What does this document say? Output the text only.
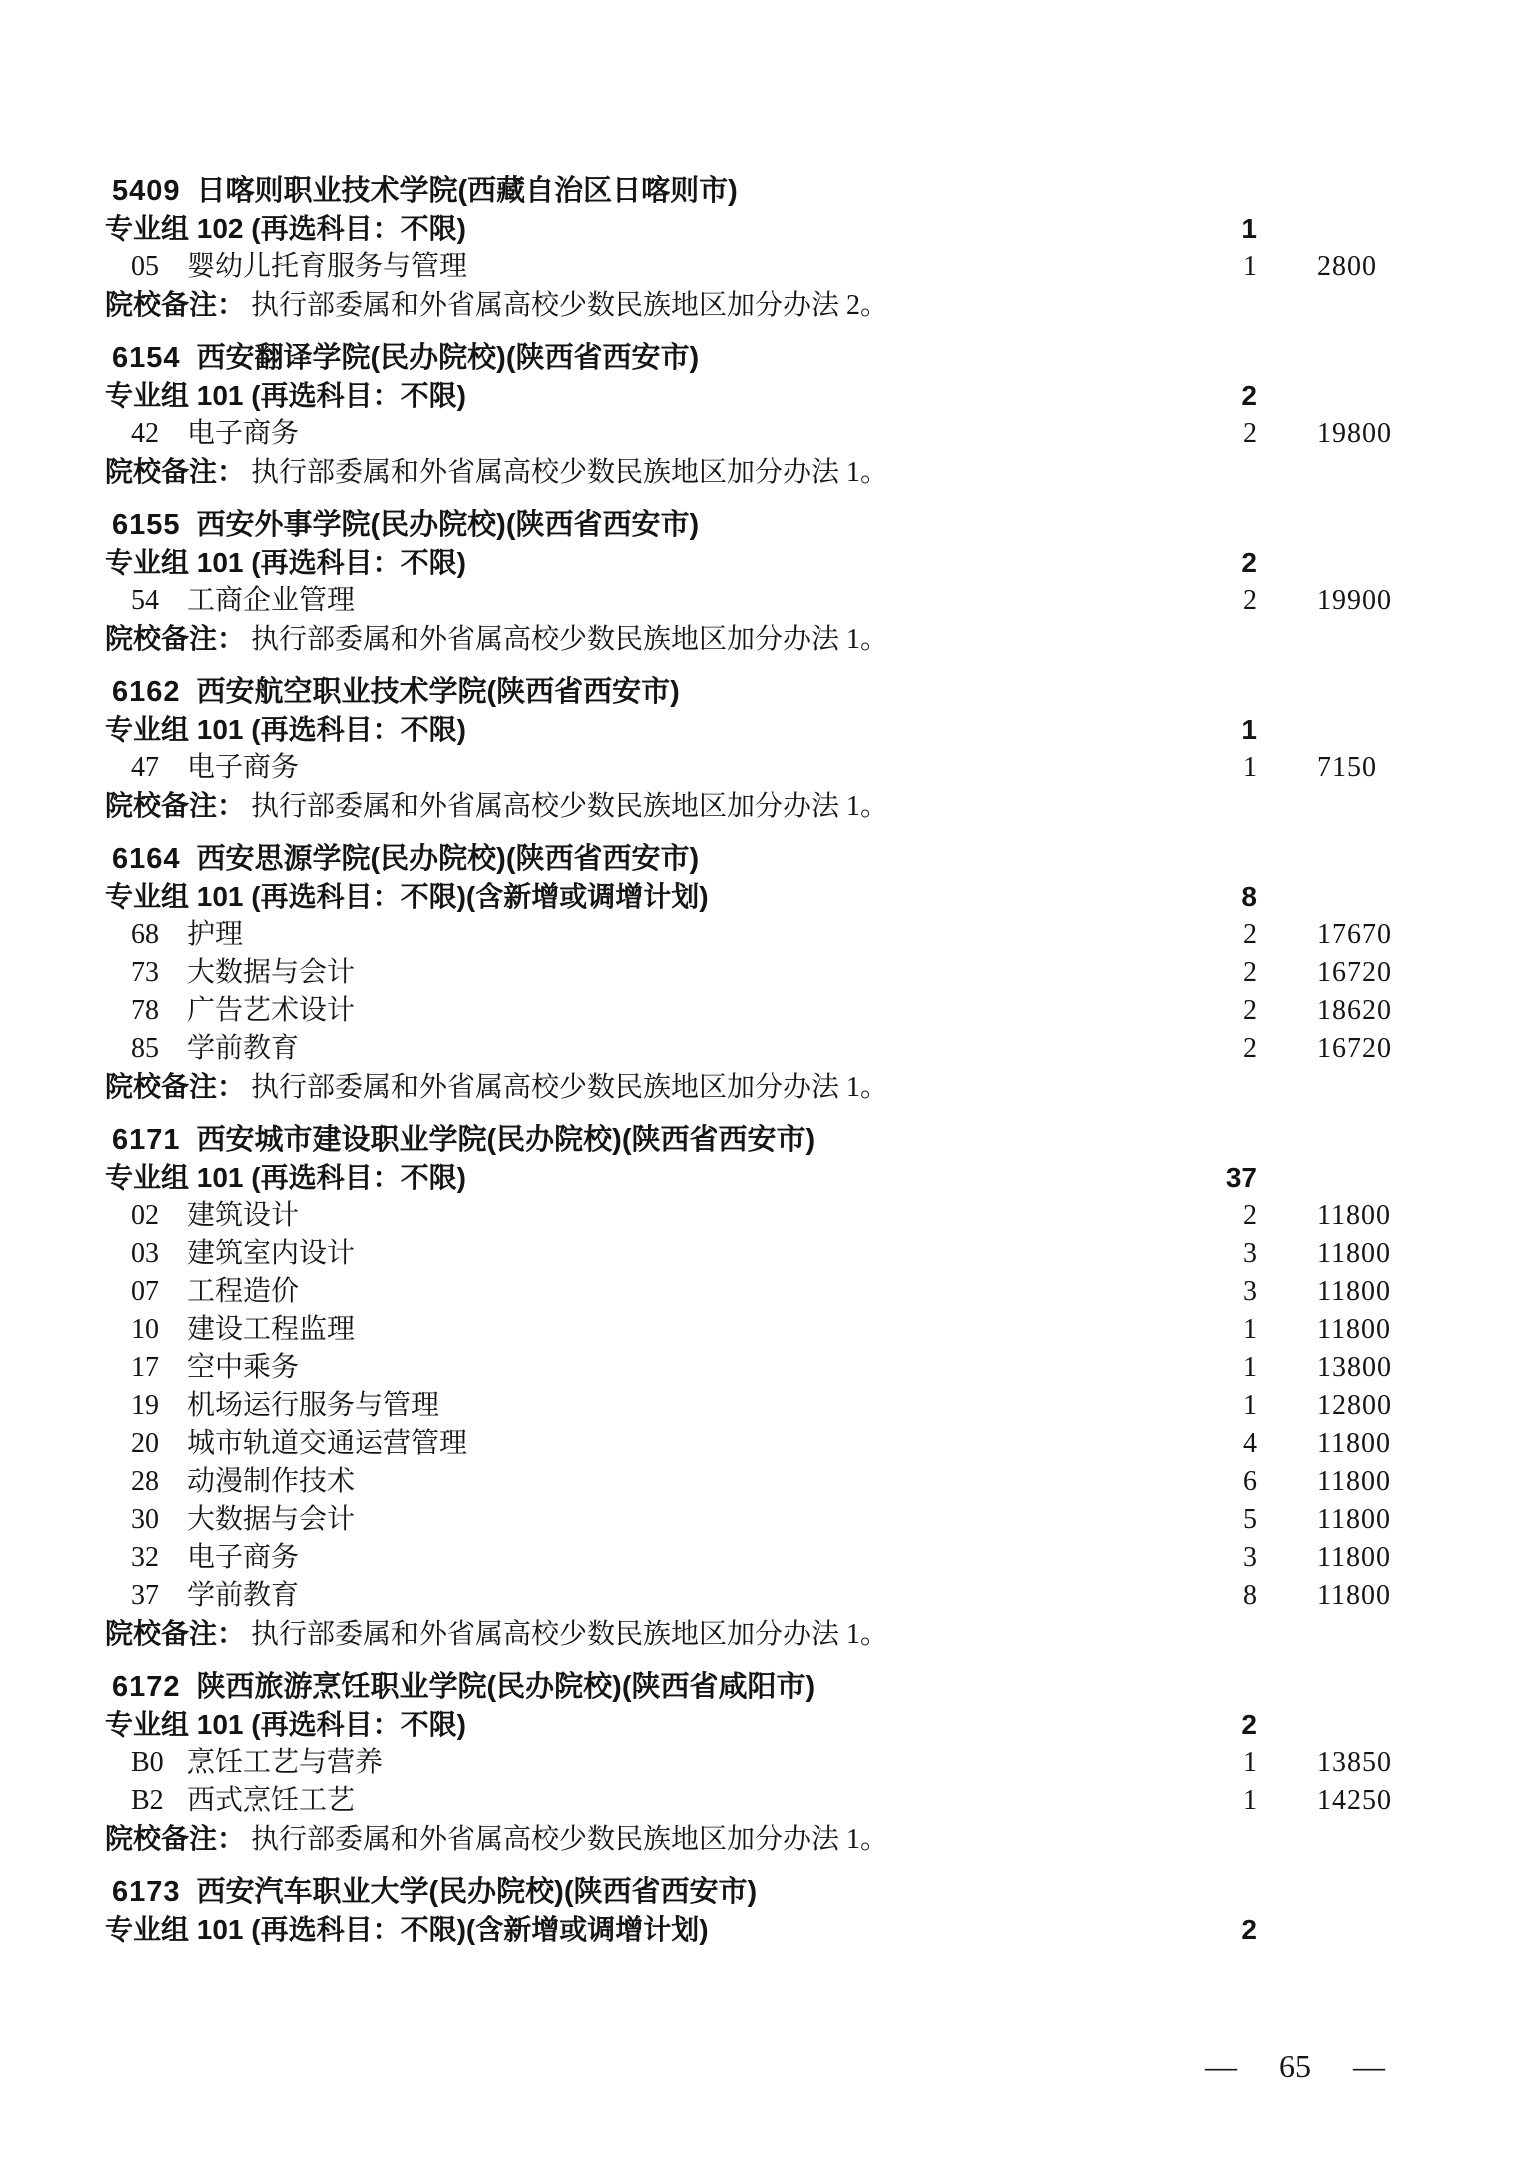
5409 日喀则职业技术学院(西藏自治区日喀则市)
专业组 102 (再选科目：不限)	1
05 婴幼儿托育服务与管理	1 2800
院校备注： 执行部委属和外省属高校少数民族地区加分办法 2。
6154 西安翻译学院(民办院校)(陕西省西安市)
专业组 101 (再选科目：不限)	2
42 电子商务	2 19800
院校备注： 执行部委属和外省属高校少数民族地区加分办法 1。
6155 西安外事学院(民办院校)(陕西省西安市)
专业组 101 (再选科目：不限)	2
54 工商企业管理	2 19900
院校备注： 执行部委属和外省属高校少数民族地区加分办法 1。
6162 西安航空职业技术学院(陕西省西安市)
专业组 101 (再选科目：不限)	1
47 电子商务	1 7150
院校备注： 执行部委属和外省属高校少数民族地区加分办法 1。
6164 西安思源学院(民办院校)(陕西省西安市)
专业组 101 (再选科目：不限)(含新增或调增计划)	8
68 护理	2 17670
73 大数据与会计	2 16720
78 广告艺术设计	2 18620
85 学前教育	2 16720
院校备注： 执行部委属和外省属高校少数民族地区加分办法 1。
6171 西安城市建设职业学院(民办院校)(陕西省西安市)
专业组 101 (再选科目：不限)	37
02 建筑设计	2 11800
03 建筑室内设计	3 11800
07 工程造价	3 11800
10 建设工程监理	1 11800
17 空中乘务	1 13800
19 机场运行服务与管理	1 12800
20 城市轨道交通运营管理	4 11800
28 动漫制作技术	6 11800
30 大数据与会计	5 11800
32 电子商务	3 11800
37 学前教育	8 11800
院校备注： 执行部委属和外省属高校少数民族地区加分办法 1。
6172 陕西旅游烹饪职业学院(民办院校)(陕西省咸阳市)
专业组 101 (再选科目：不限)	2
B0 烹饪工艺与营养	1 13850
B2 西式烹饪工艺	1 14250
院校备注： 执行部委属和外省属高校少数民族地区加分办法 1。
6173 西安汽车职业大学(民办院校)(陕西省西安市)
专业组 101 (再选科目：不限)(含新增或调增计划)	2
— 65 —
